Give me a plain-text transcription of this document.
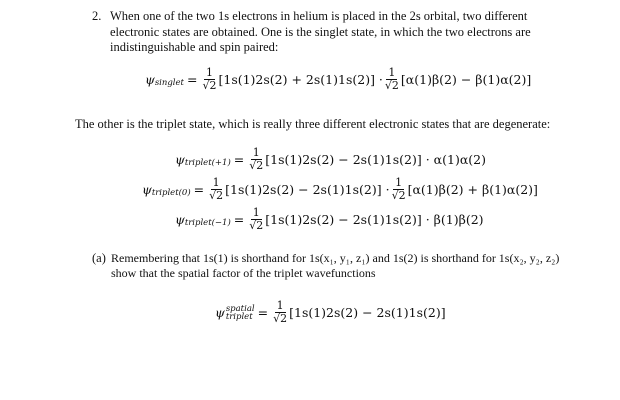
2. When one of the two 1s electrons in helium is placed in the 2s orbital, two different electronic states are obtained. One is the singlet state, in which the two electrons are indistinguishable and spin paired:
ψ singlet = $\frac{1}{√2} [1s(1)2s(2) + 2s(1)1s(2)] \cdot \frac{1}{√2} [\alpha(1)\beta(2) - \beta(1)\alpha(2)]$
The other is the triplet state, which is really three different electronic states that are degenerate:
ψ triplet(+1) = $\frac{1}{√2} [1s(1)2s(2) - 2s(1)1s(2)] \cdot \alpha(1)\alpha(2)$
ψ triplet(0) = $\frac{1}{√2} [1s(1)2s(2) - 2s(1)1s(2)] \cdot \frac{1}{√2} [\alpha(1)\beta(2) + \beta(1)\alpha(2)]$
ψ triplet(−1) = $\frac{1}{√2} [1s(1)2s(2) - 2s(1)1s(2)] \cdot \beta(1)\beta(2)$
(a) Remembering that 1s(1) is shorthand for 1s(x₁, y₁, z₁) and 1s(2) is shorthand for 1s(x₂, y₂, z₂)
show that the spatial factor of the triplet wavefunctions
ψ spatial
triplet = $\frac{1}{√2} [1s(1)2s(2) - 2s(1)1s(2)]$
